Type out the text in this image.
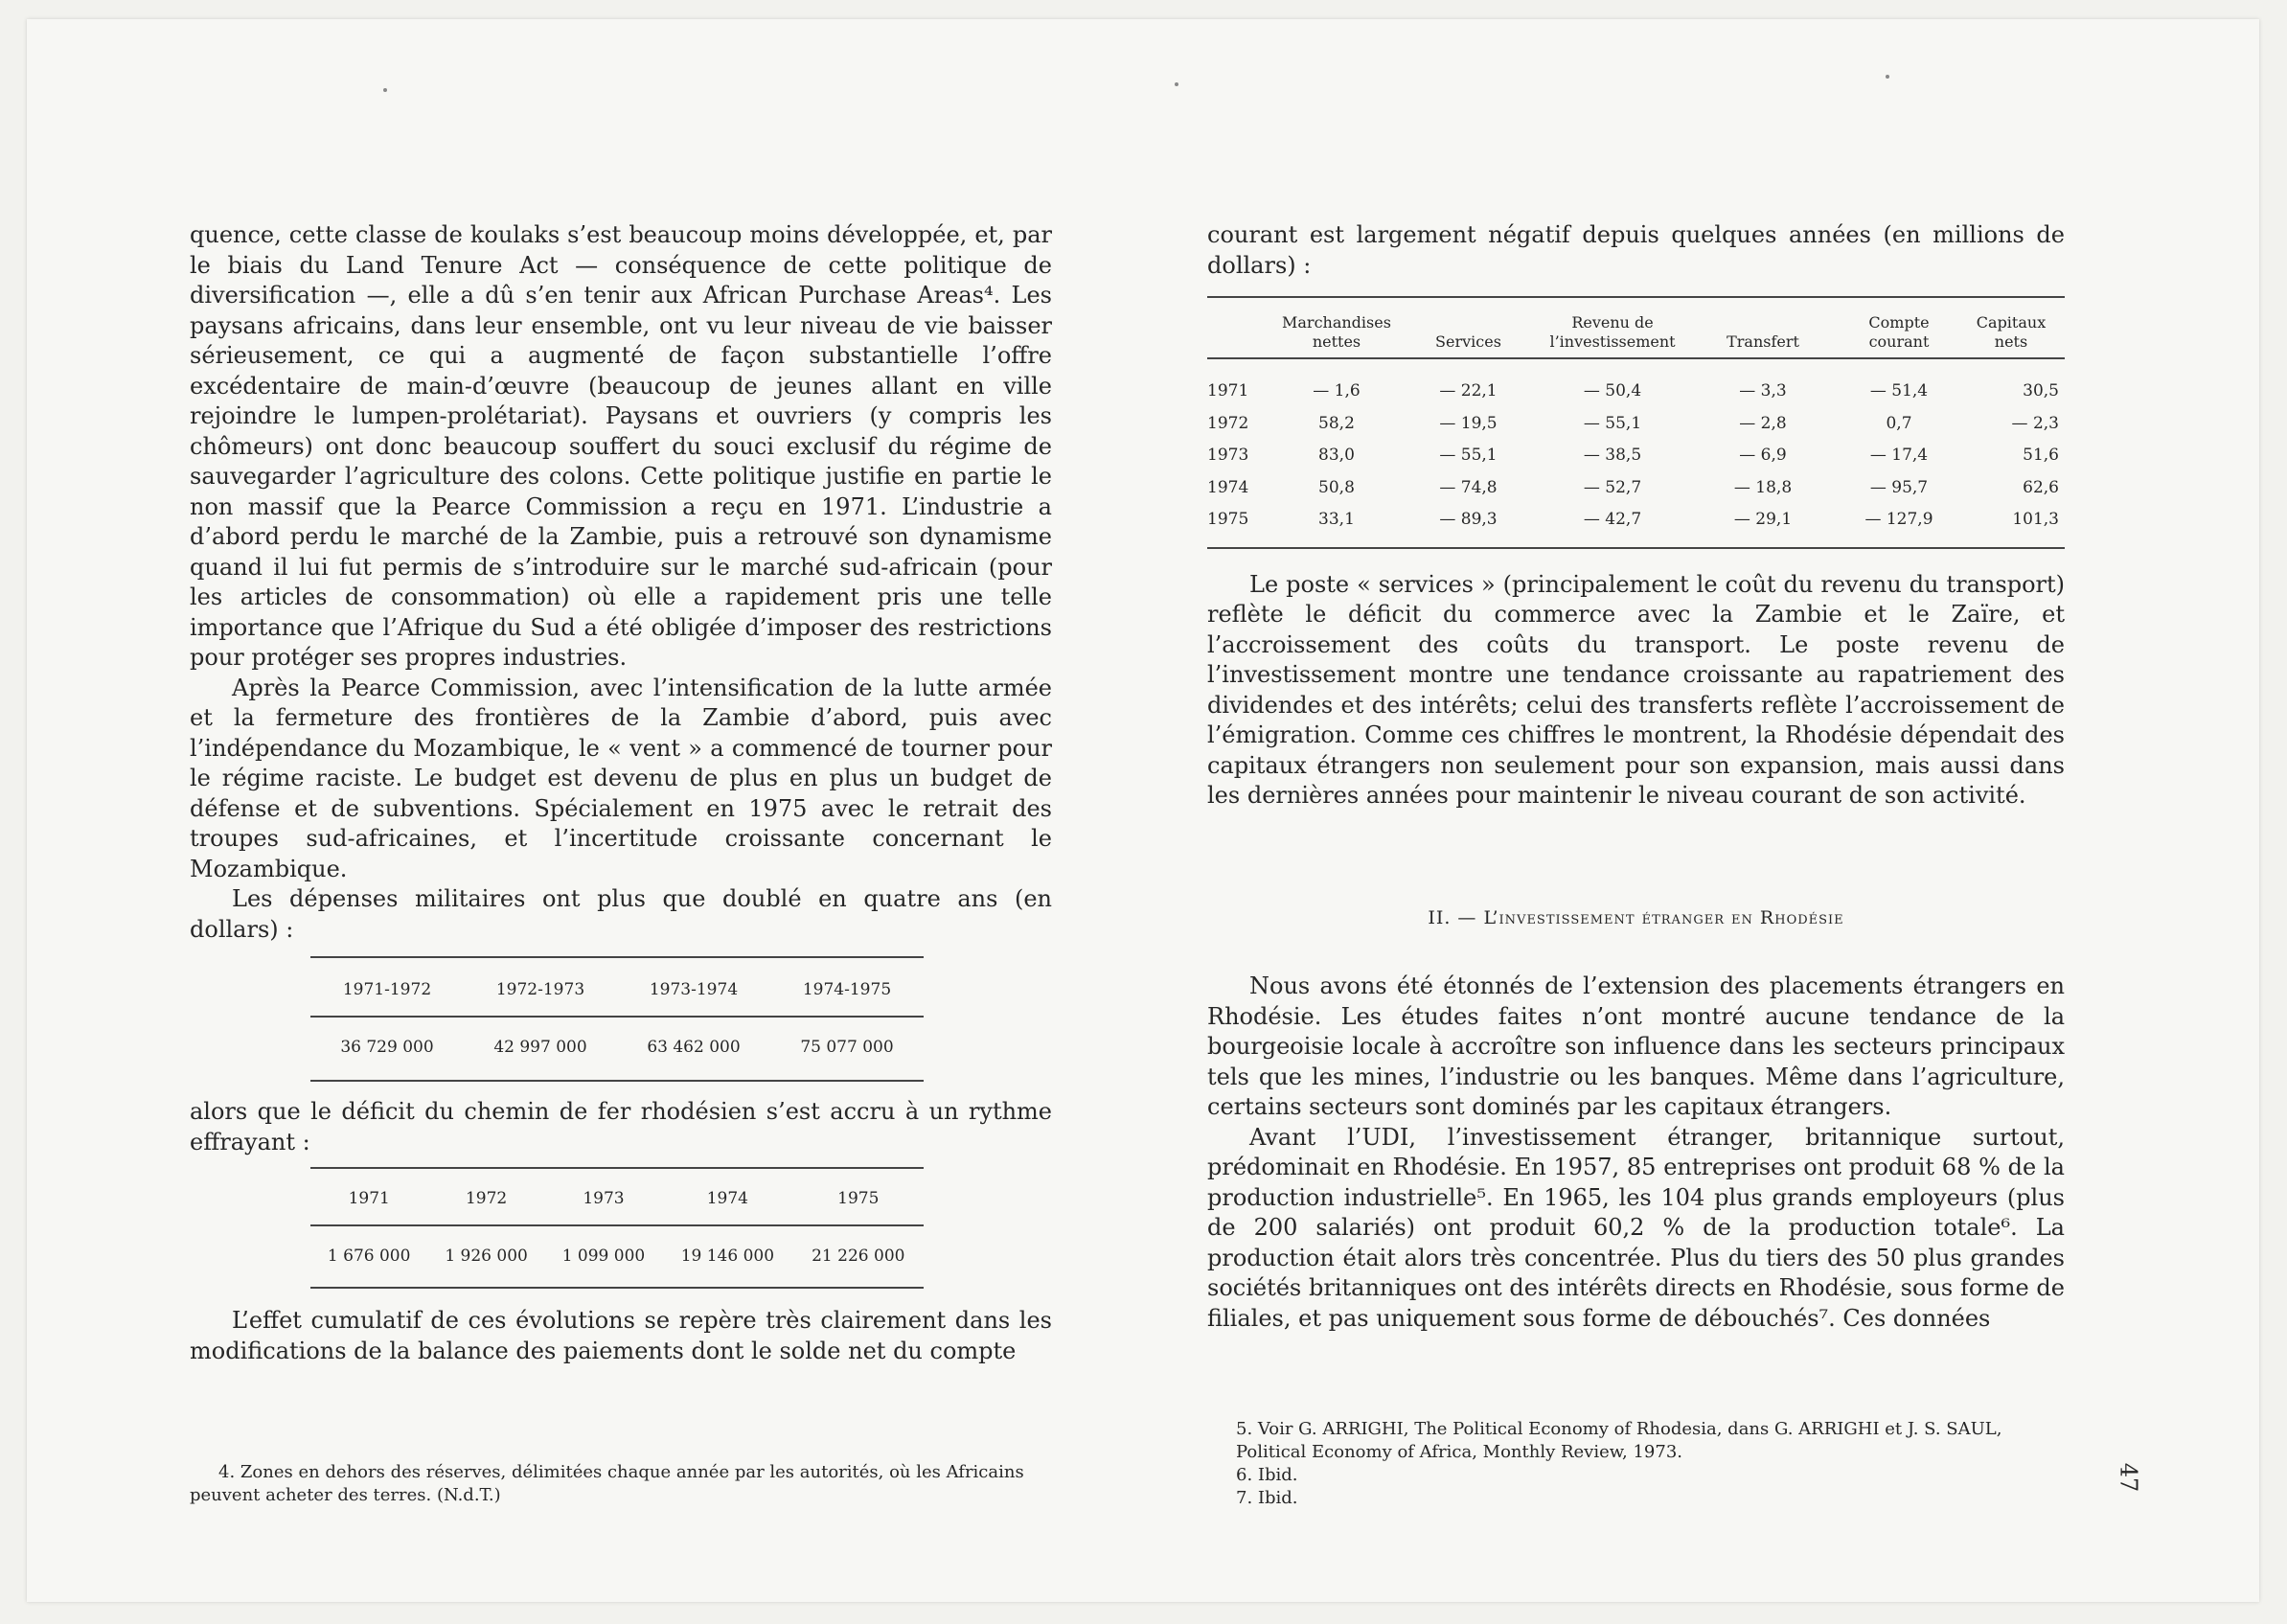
quence, cette classe de koulaks s’est beaucoup moins développée, et, par le biais du Land Tenure Act — conséquence de cette politique de diversification —, elle a dû s’en tenir aux African Purchase Areas⁴. Les paysans africains, dans leur ensemble, ont vu leur niveau de vie baisser sérieusement, ce qui a augmenté de façon substantielle l’offre excédentaire de main-d’œuvre (beaucoup de jeunes allant en ville rejoindre le lumpen-prolétariat). Paysans et ouvriers (y compris les chômeurs) ont donc beaucoup souffert du souci exclusif du régime de sauvegarder l’agriculture des colons. Cette politique justifie en partie le non massif que la Pearce Commission a reçu en 1971. L’industrie a d’abord perdu le marché de la Zambie, puis a retrouvé son dynamisme quand il lui fut permis de s’introduire sur le marché sud-africain (pour les articles de consommation) où elle a rapidement pris une telle importance que l’Afrique du Sud a été obligée d’imposer des restrictions pour protéger ses propres industries.

Après la Pearce Commission, avec l’intensification de la lutte armée et la fermeture des frontières de la Zambie d’abord, puis avec l’indépendance du Mozambique, le « vent » a commencé de tourner pour le régime raciste. Le budget est devenu de plus en plus un budget de défense et de subventions. Spécialement en 1975 avec le retrait des troupes sud-africaines, et l’incertitude croissante concernant le Mozambique.

Les dépenses militaires ont plus que doublé en quatre ans (en dollars) :

1971-1972	1972-1973	1973-1974	1974-1975
36 729 000	42 997 000	63 462 000	75 077 000

alors que le déficit du chemin de fer rhodésien s’est accru à un rythme effrayant :

1971	1972	1973	1974	1975
1 676 000	1 926 000	1 099 000	19 146 000	21 226 000

L’effet cumulatif de ces évolutions se repère très clairement dans les modifications de la balance des paiements dont le solde net du compte

4. Zones en dehors des réserves, délimitées chaque année par les autorités, où les Africains peuvent acheter des terres. (N.d.T.)

courant est largement négatif depuis quelques années (en millions de dollars) :

	Marchandises nettes	Services	Revenu de l’investissement	Transfert	Compte courant	Capitaux nets
1971	— 1,6	— 22,1	— 50,4	— 3,3	— 51,4	30,5
1972	58,2	— 19,5	— 55,1	— 2,8	0,7	— 2,3
1973	83,0	— 55,1	— 38,5	— 6,9	— 17,4	51,6
1974	50,8	— 74,8	— 52,7	— 18,8	— 95,7	62,6
1975	33,1	— 89,3	— 42,7	— 29,1	— 127,9	101,3

Le poste « services » (principalement le coût du revenu du transport) reflète le déficit du commerce avec la Zambie et le Zaïre, et l’accroissement des coûts du transport. Le poste revenu de l’investissement montre une tendance croissante au rapatriement des dividendes et des intérêts; celui des transferts reflète l’accroissement de l’émigration. Comme ces chiffres le montrent, la Rhodésie dépendait des capitaux étrangers non seulement pour son expansion, mais aussi dans les dernières années pour maintenir le niveau courant de son activité.

II. — L’investissement étranger en Rhodésie

Nous avons été étonnés de l’extension des placements étrangers en Rhodésie. Les études faites n’ont montré aucune tendance de la bourgeoisie locale à accroître son influence dans les secteurs principaux tels que les mines, l’industrie ou les banques. Même dans l’agriculture, certains secteurs sont dominés par les capitaux étrangers.

Avant l’UDI, l’investissement étranger, britannique surtout, prédominait en Rhodésie. En 1957, 85 entreprises ont produit 68 % de la production industrielle⁵. En 1965, les 104 plus grands employeurs (plus de 200 salariés) ont produit 60,2 % de la production totale⁶. La production était alors très concentrée. Plus du tiers des 50 plus grandes sociétés britanniques ont des intérêts directs en Rhodésie, sous forme de filiales, et pas uniquement sous forme de débouchés⁷. Ces données

5. Voir G. ARRIGHI, The Political Economy of Rhodesia, dans G. ARRIGHI et J. S. SAUL, Political Economy of Africa, Monthly Review, 1973.

6. Ibid.

7. Ibid.

47
